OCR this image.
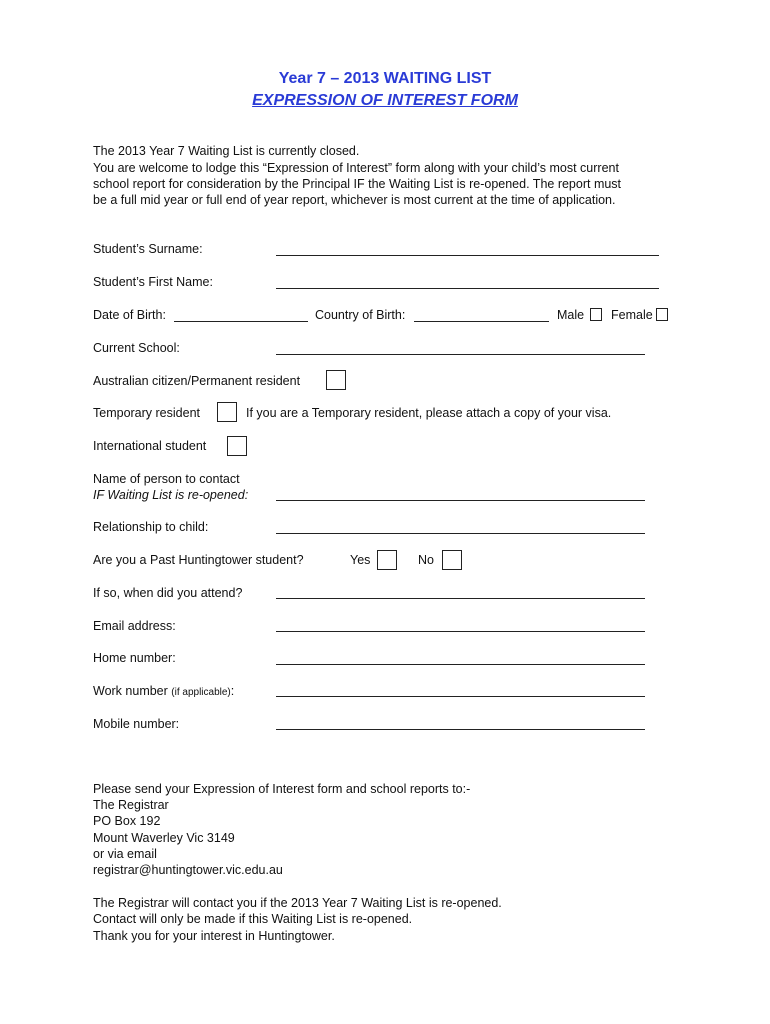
Year 7 – 2013 WAITING LIST
EXPRESSION OF INTEREST FORM
The 2013 Year 7 Waiting List is currently closed.
You are welcome to lodge this “Expression of Interest” form along with your child’s most current
school report for consideration by the Principal IF the Waiting List is re-opened. The report must
be a full mid year or full end of year report, whichever is most current at the time of application.
Student’s Surname:
Student’s First Name:
Date of Birth:	Country of Birth:	Male Female
Current School:
Australian citizen/Permanent resident
Temporary resident	If you are a Temporary resident, please attach a copy of your visa.
International student
Name of person to contact
IF Waiting List is re-opened:
Relationship to child:
Are you a Past Huntingtower student?	Yes	No
If so, when did you attend?
Email address:
Home number:
Work number (if applicable):
Mobile number:
Please send your Expression of Interest form and school reports to:-
The Registrar
PO Box 192
Mount Waverley Vic 3149
or via email
registrar@huntingtower.vic.edu.au
The Registrar will contact you if the 2013 Year 7 Waiting List is re-opened.
Contact will only be made if this Waiting List is re-opened.
Thank you for your interest in Huntingtower.
